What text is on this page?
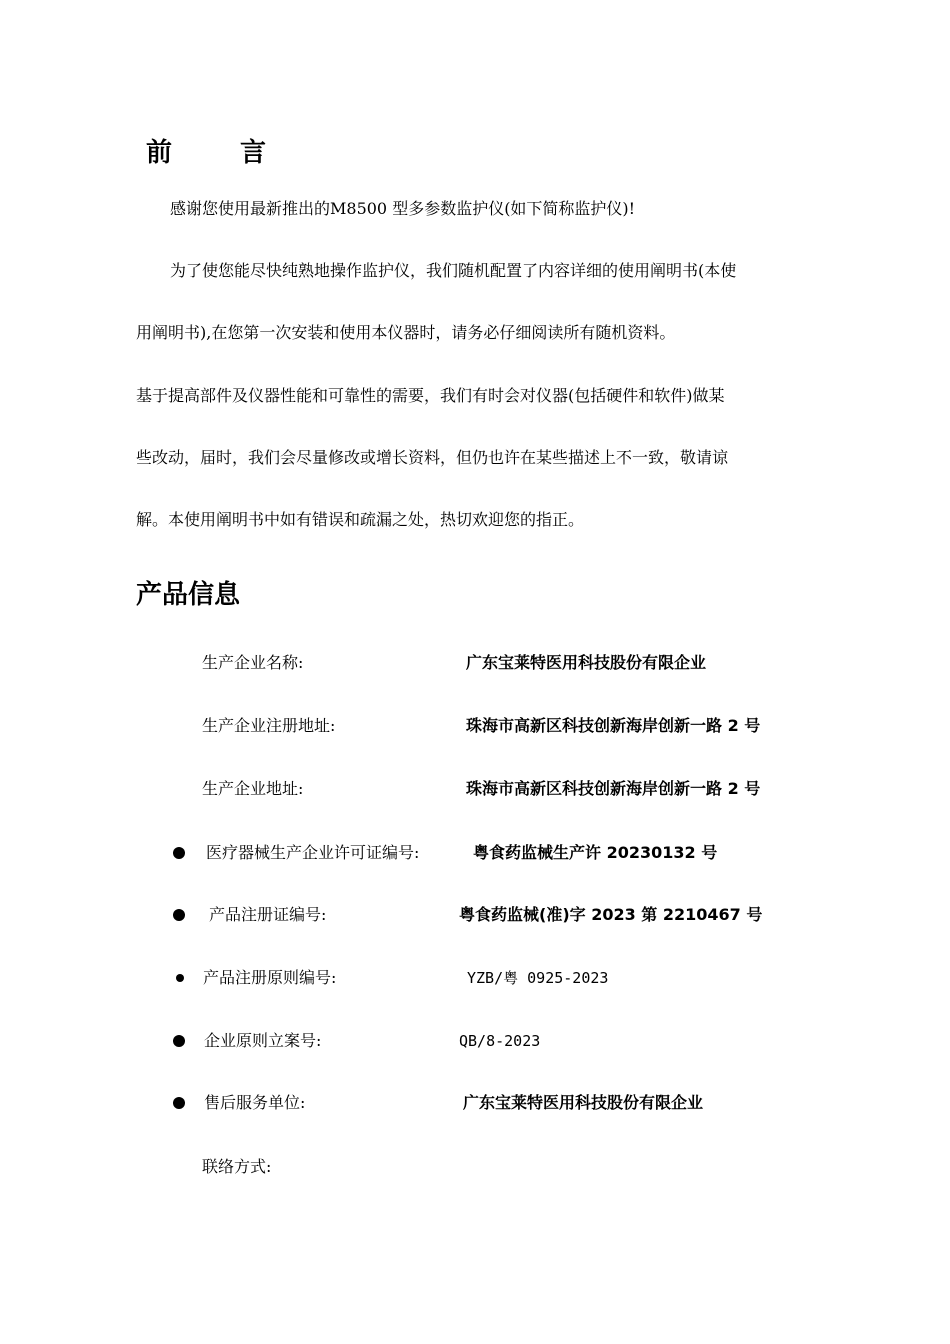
前	言

感谢您使用最新推出的M8500 型多参数监护仪(如下简称监护仪)!

为了使您能尽快纯熟地操作监护仪，我们随机配置了内容详细的使用阐明书(本使

用阐明书),在您第一次安装和使用本仪器时，请务必仔细阅读所有随机资料。

基于提高部件及仪器性能和可靠性的需要，我们有时会对仪器(包括硬件和软件)做某

些改动，届时，我们会尽量修改或增长资料，但仍也许在某些描述上不一致，敬请谅

解。本使用阐明书中如有错误和疏漏之处，热切欢迎您的指正。

产品信息
生产企业名称:	广东宝莱特医用科技股份有限企业
生产企业注册地址:	珠海市高新区科技创新海岸创新一路 2 号
生产企业地址:	珠海市高新区科技创新海岸创新一路 2 号
医疗器械生产企业许可证编号:	粤食药监械生产许 20230132 号
产品注册证编号:	粤食药监械(准)字 2023 第 2210467 号
产品注册原则编号:	YZB/粤 0925-2023
企业原则立案号:	QB/8-2023
售后服务单位:	广东宝莱特医用科技股份有限企业
联络方式:
